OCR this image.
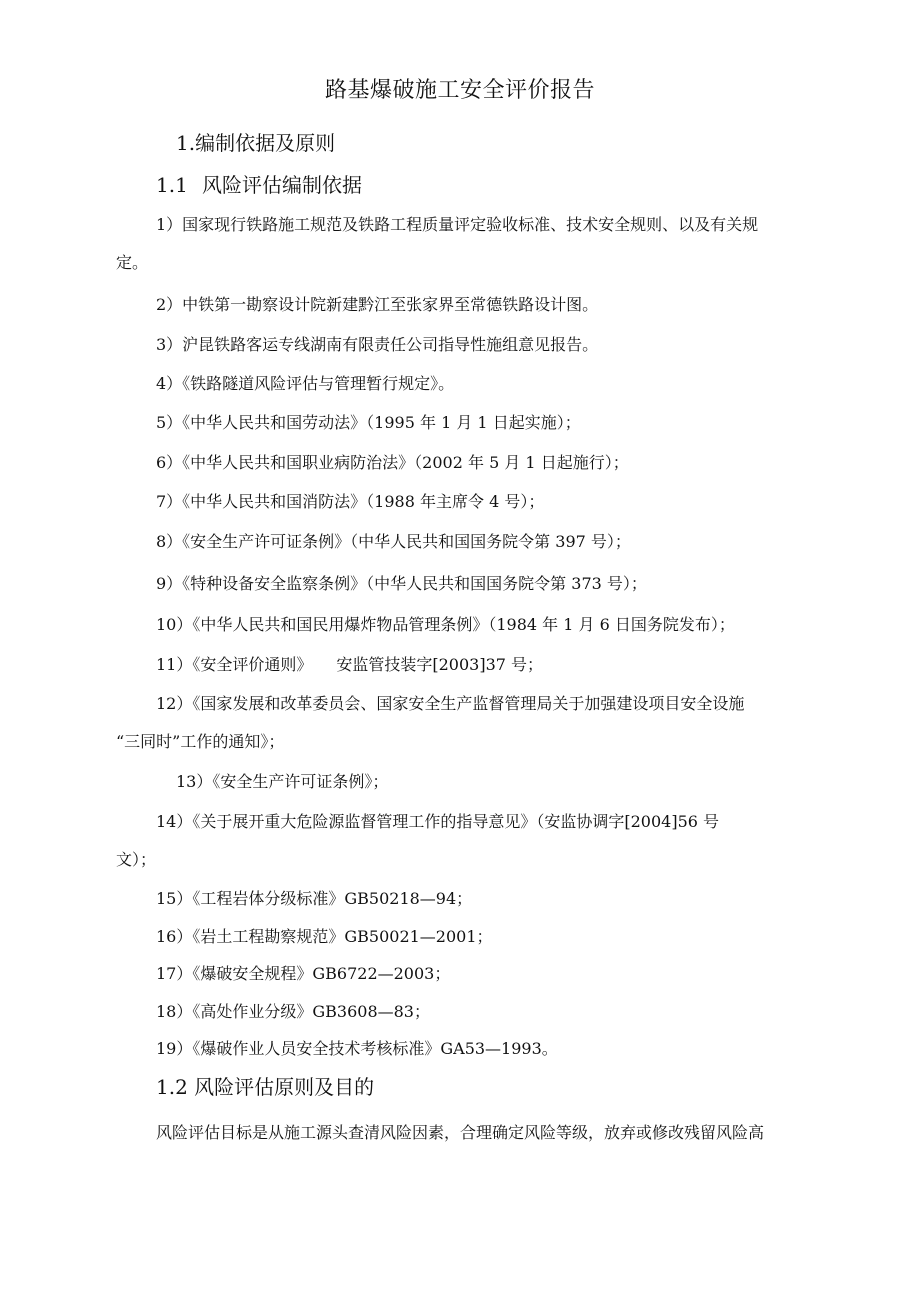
路基爆破施工安全评价报告
1.编制依据及原则
1.1 风险评估编制依据
1）国家现行铁路施工规范及铁路工程质量评定验收标准、技术安全规则、以及有关规
定。
2）中铁第一勘察设计院新建黔江至张家界至常德铁路设计图。
3）沪昆铁路客运专线湖南有限责任公司指导性施组意见报告。
4）《铁路隧道风险评估与管理暂行规定》。
5）《中华人民共和国劳动法》（1995 年 1 月 1 日起实施）；
6）《中华人民共和国职业病防治法》（2002 年 5 月 1 日起施行）；
7）《中华人民共和国消防法》（1988 年主席令 4 号）；
8）《安全生产许可证条例》（中华人民共和国国务院令第 397 号）；
9）《特种设备安全监察条例》（中华人民共和国国务院令第 373 号）；
10）《中华人民共和国民用爆炸物品管理条例》（1984 年 1 月 6 日国务院发布）；
11）《安全评价通则》　　安监管技装字[2003]37 号；
12）《国家发展和改革委员会、国家安全生产监督管理局关于加强建设项目安全设施
“三同时”工作的通知》；
13）《安全生产许可证条例》；
14）《关于展开重大危险源监督管理工作的指导意见》（安监协调字[2004]56 号
文）；
15）《工程岩体分级标准》GB50218—94；
16）《岩土工程勘察规范》GB50021—2001；
17）《爆破安全规程》GB6722—2003；
18）《高处作业分级》GB3608—83；
19）《爆破作业人员安全技术考核标准》GA53—1993。
1.2 风险评估原则及目的
风险评估目标是从施工源头查清风险因素，合理确定风险等级，放弃或修改残留风险高
